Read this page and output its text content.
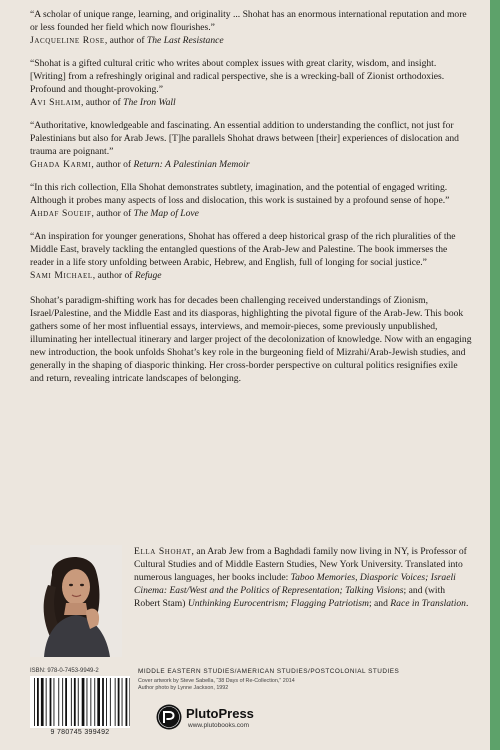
“A scholar of unique range, learning, and originality ... Shohat has an enormous international reputation and more or less founded her field which now flourishes.”

Jacqueline Rose, author of The Last Resistance

“Shohat is a gifted cultural critic who writes about complex issues with great clarity, wisdom, and insight. [Writing] from a refreshingly original and radical perspective, she is a wrecking-ball of Zionist orthodoxies. Profound and thought-provoking.”

Avi Shlaim, author of The Iron Wall

“Authoritative, knowledgeable and fascinating. An essential addition to understanding the conflict, not just for Palestinians but also for Arab Jews. [T]he parallels Shohat draws between [their] experiences of dislocation and trauma are poignant.”

Ghada Karmi, author of Return: A Palestinian Memoir

“In this rich collection, Ella Shohat demonstrates subtlety, imagination, and the potential of engaged writing. Although it probes many aspects of loss and dislocation, this work is sustained by a profound sense of hope.”

Ahdaf Soueif, author of The Map of Love

“An inspiration for younger generations, Shohat has offered a deep historical grasp of the rich pluralities of the Middle East, bravely tackling the entangled questions of the Arab-Jew and Palestine. The book immerses the reader in a life story unfolding between Arabic, Hebrew, and English, full of longing for social justice.”

Sami Michael, author of Refuge

Shohat’s paradigm-shifting work has for decades been challenging received understandings of Zionism, Israel/Palestine, and the Middle East and its diasporas, highlighting the pivotal figure of the Arab-Jew. This book gathers some of her most influential essays, interviews, and memoir-pieces, some previously unpublished, illuminating her intellectual itinerary and larger project of the decolonization of knowledge. Now with an engaging new introduction, the book unfolds Shohat’s key role in the burgeoning field of Mizrahi/Arab-Jewish studies, and generally in the shaping of diasporic thinking. Her cross-border perspective on cultural politics resignifies exile and return, revealing intricate landscapes of belonging.

Ella Shohat, an Arab Jew from a Baghdadi family now living in NY, is Professor of Cultural Studies and of Middle Eastern Studies, New York University. Translated into numerous languages, her books include: Taboo Memories, Diasporic Voices; Israeli Cinema: East/West and the Politics of Representation; Talking Visions; and (with Robert Stam) Unthinking Eurocentrism; Flagging Patriotism; and Race in Translation.

ISBN: 978-0-7453-9949-2
9 780745 399492
MIDDLE EASTERN STUDIES/AMERICAN STUDIES/POSTCOLONIAL STUDIES
Cover artwork by Steve Sabella, “38 Days of Re-Collection,” 2014
Author photo by Lynne Jackson, 1992
PlutoPress
www.plutobooks.com
